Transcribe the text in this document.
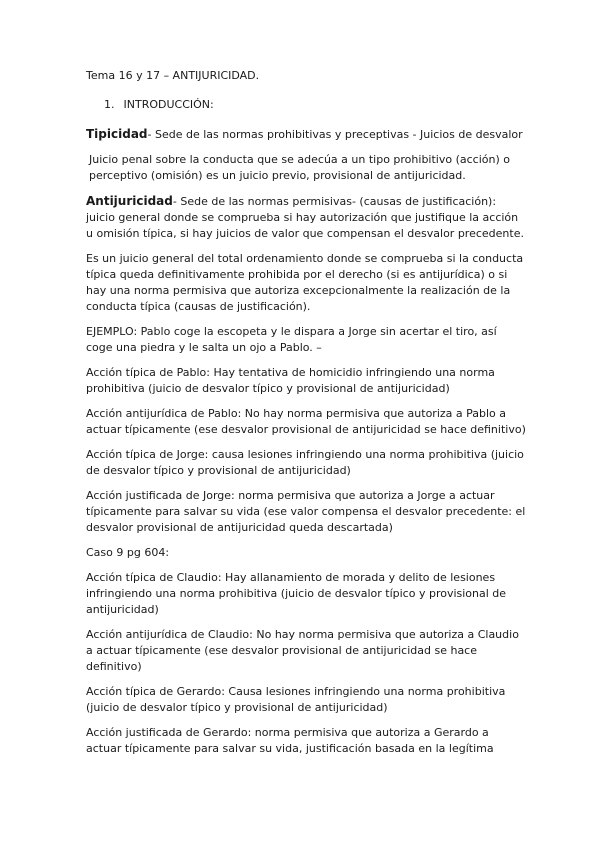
Tema 16 y 17 – ANTIJURICIDAD.
1. INTRODUCCIÓN:
Tipicidad- Sede de las normas prohibitivas y preceptivas - Juicios de desvalor
Juicio penal sobre la conducta que se adecúa a un tipo prohibitivo (acción) o perceptivo (omisión) es un juicio previo, provisional de antijuricidad.
Antijuricidad- Sede de las normas permisivas- (causas de justificación): juicio general donde se comprueba si hay autorización que justifique la acción u omisión típica, si hay juicios de valor que compensan el desvalor precedente.
Es un juicio general del total ordenamiento donde se comprueba si la conducta típica queda definitivamente prohibida por el derecho (si es antijurídica) o si hay una norma permisiva que autoriza excepcionalmente la realización de la conducta típica (causas de justificación).
EJEMPLO: Pablo coge la escopeta y le dispara a Jorge sin acertar el tiro, así coge una piedra y le salta un ojo a Pablo. –
Acción típica de Pablo: Hay tentativa de homicidio infringiendo una norma prohibitiva (juicio de desvalor típico y provisional de antijuricidad)
Acción antijurídica de Pablo: No hay norma permisiva que autoriza a Pablo a actuar típicamente (ese desvalor provisional de antijuricidad se hace definitivo)
Acción típica de Jorge: causa lesiones infringiendo una norma prohibitiva (juicio de desvalor típico y provisional de antijuricidad)
Acción justificada de Jorge: norma permisiva que autoriza a Jorge a actuar típicamente para salvar su vida (ese valor compensa el desvalor precedente: el desvalor provisional de antijuricidad queda descartada)
Caso 9 pg 604:
Acción típica de Claudio: Hay allanamiento de morada y delito de lesiones infringiendo una norma prohibitiva (juicio de desvalor típico y provisional de antijuricidad)
Acción antijurídica de Claudio: No hay norma permisiva que autoriza a Claudio a actuar típicamente (ese desvalor provisional de antijuricidad se hace definitivo)
Acción típica de Gerardo: Causa lesiones infringiendo una norma prohibitiva (juicio de desvalor típico y provisional de antijuricidad)
Acción justificada de Gerardo: norma permisiva que autoriza a Gerardo a actuar típicamente para salvar su vida, justificación basada en la legítima
